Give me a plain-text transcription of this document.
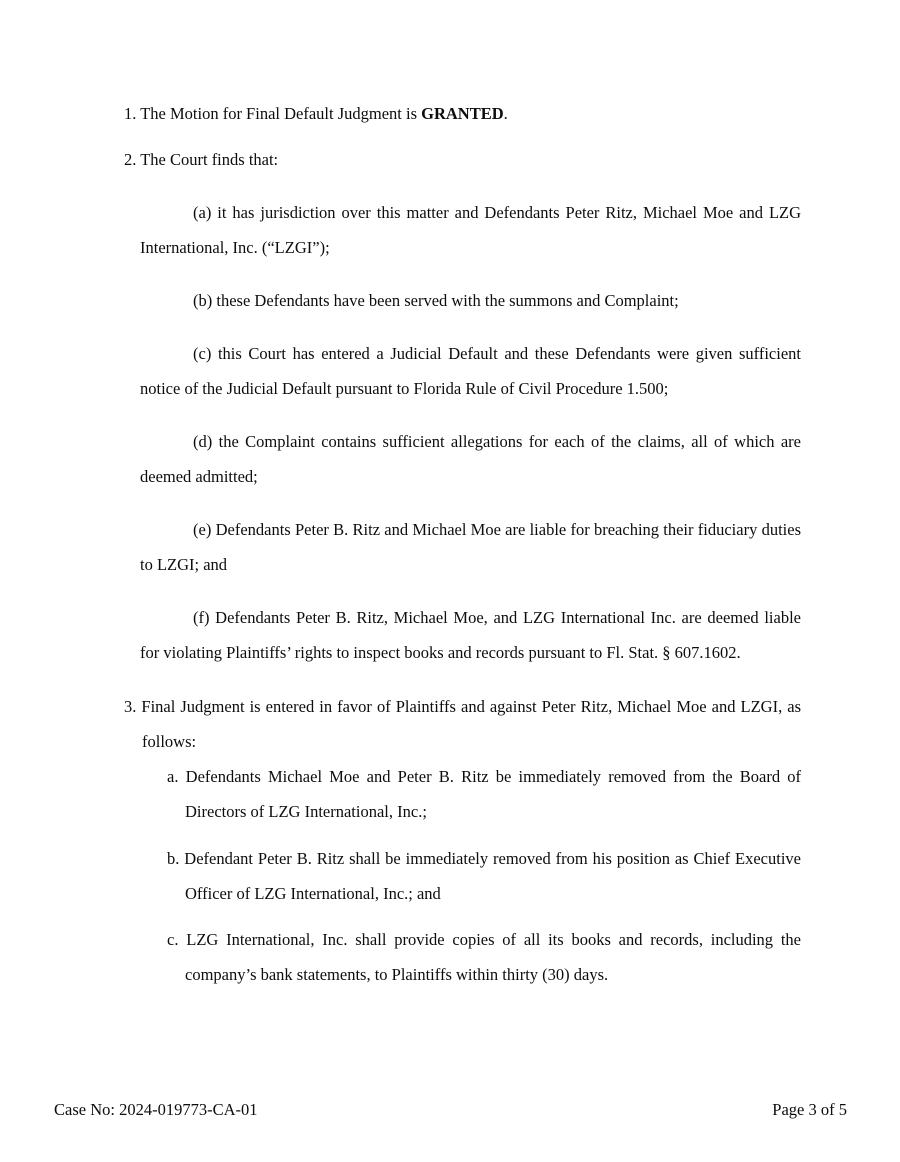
1. The Motion for Final Default Judgment is GRANTED.

2. The Court finds that:

(a) it has jurisdiction over this matter and Defendants Peter Ritz, Michael Moe and LZG International, Inc. (“LZGI”);

(b) these Defendants have been served with the summons and Complaint;

(c) this Court has entered a Judicial Default and these Defendants were given sufficient notice of the Judicial Default pursuant to Florida Rule of Civil Procedure 1.500;

(d) the Complaint contains sufficient allegations for each of the claims, all of which are deemed admitted;

(e) Defendants Peter B. Ritz and Michael Moe are liable for breaching their fiduciary duties to LZGI; and

(f) Defendants Peter B. Ritz, Michael Moe, and LZG International Inc. are deemed liable for violating Plaintiffs’ rights to inspect books and records pursuant to Fl. Stat. § 607.1602.

3. Final Judgment is entered in favor of Plaintiffs and against Peter Ritz, Michael Moe and LZGI, as follows:

a. Defendants Michael Moe and Peter B. Ritz be immediately removed from the Board of Directors of LZG International, Inc.;

b. Defendant Peter B. Ritz shall be immediately removed from his position as Chief Executive Officer of LZG International, Inc.; and

c. LZG International, Inc. shall provide copies of all its books and records, including the company’s bank statements, to Plaintiffs within thirty (30) days.

Case No: 2024-019773-CA-01	Page 3 of 5
